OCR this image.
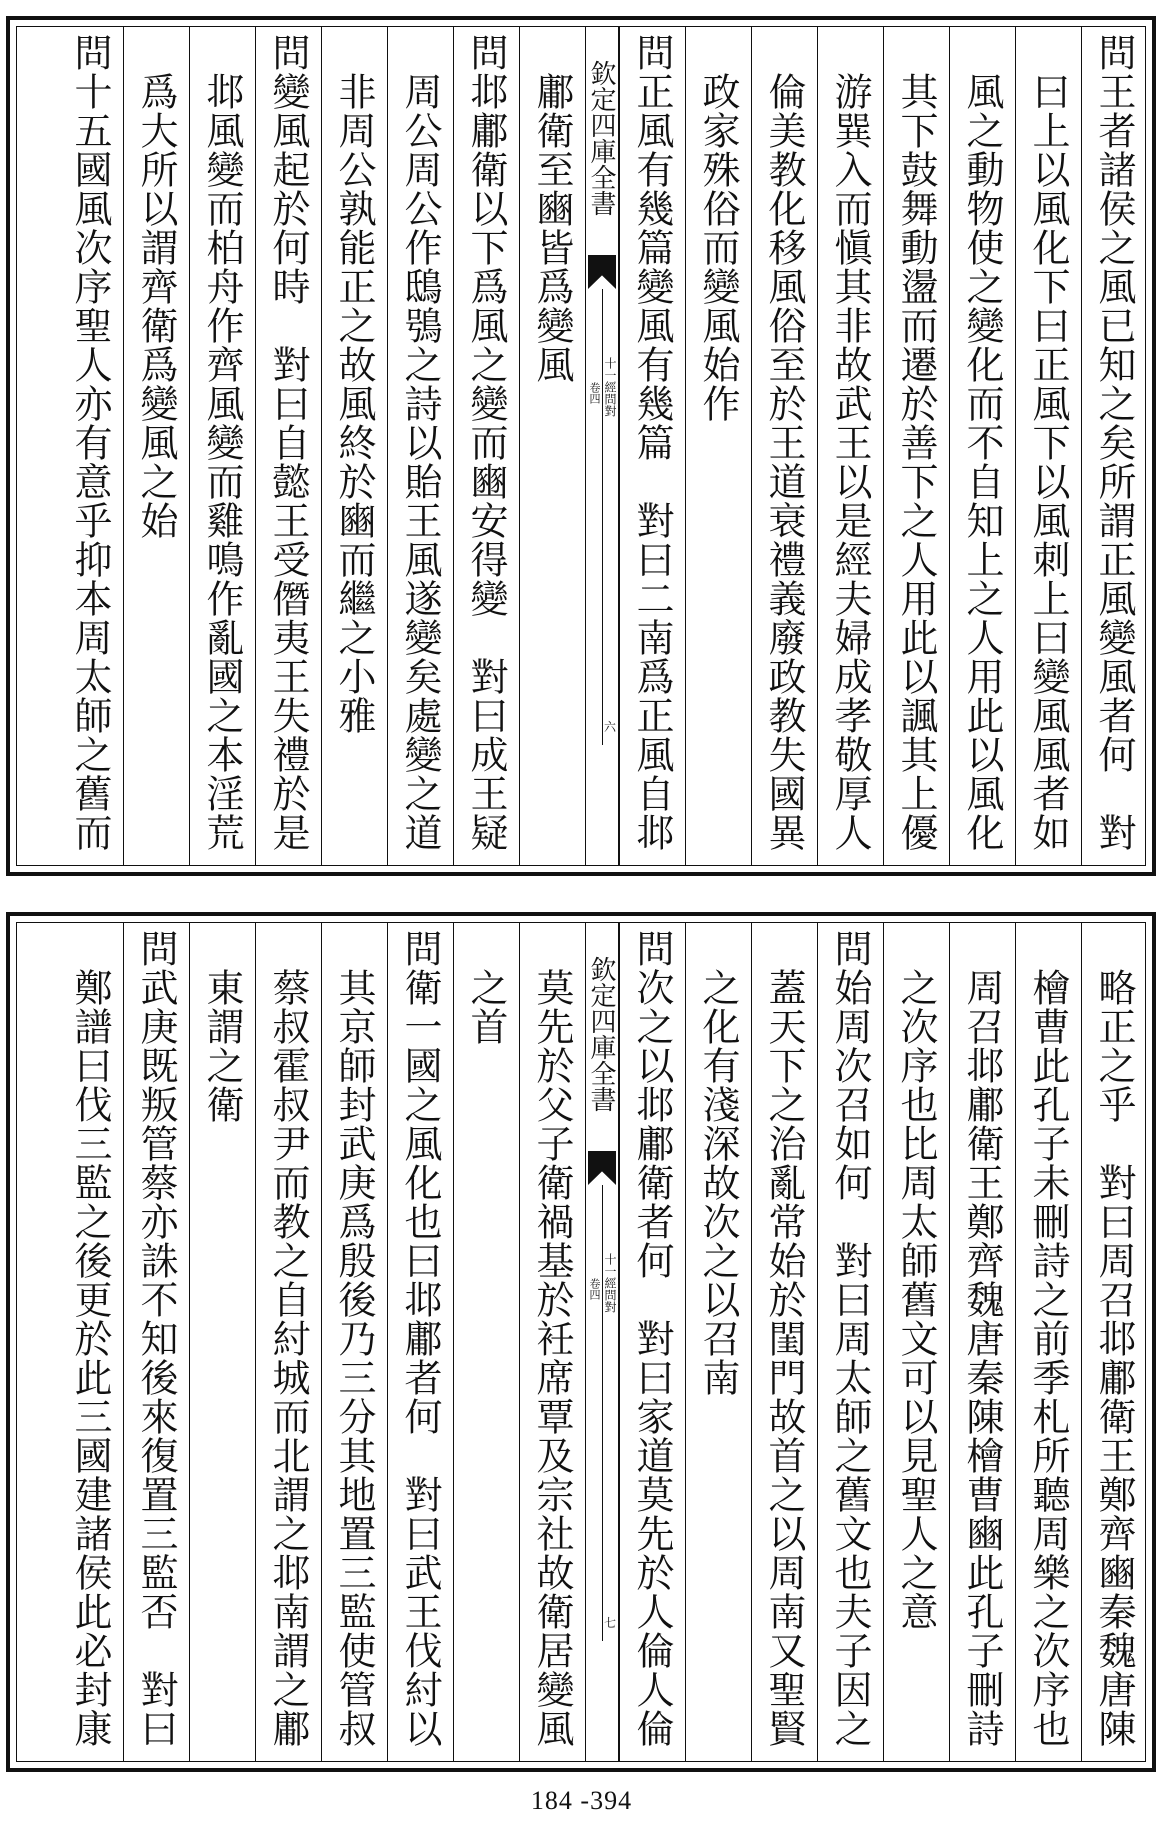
問王者諸侯之風已知之矣所謂正風變風者何　對
　曰上以風化下曰正風下以風刺上曰變風風者如
　風之動物使之變化而不自知上之人用此以風化
　其下鼓舞動盪而遷於善下之人用此以諷其上優
　游巽入而愼其非故武王以是經夫婦成孝敬厚人
　倫美教化移風俗至於王道衰禮義廢政教失國異
　政家殊俗而變風始作
問正風有幾篇變風有幾篇　對曰二南爲正風自邶
欽定四庫全書
卷四 十一經問對
六
　鄘衛至豳皆爲變風
問邶鄘衛以下爲風之變而豳安得變　對曰成王疑
　周公周公作鴟鴞之詩以貽王風遂變矣處變之道
　非周公孰能正之故風終於豳而繼之小雅
問變風起於何時　對曰自懿王受僭夷王失禮於是
　邶風變而柏舟作齊風變而雞鳴作亂國之本淫荒
　爲大所以謂齊衛爲變風之始
問十五國風次序聖人亦有意乎抑本周太師之舊而
　略正之乎　對曰周召邶鄘衛王鄭齊豳秦魏唐陳
　檜曹此孔子未刪詩之前季札所聽周樂之次序也
　周召邶鄘衛王鄭齊魏唐秦陳檜曹豳此孔子刪詩
　之次序也比周太師舊文可以見聖人之意
問始周次召如何　對曰周太師之舊文也夫子因之
　蓋天下之治亂常始於閨門故首之以周南又聖賢
　之化有淺深故次之以召南
問次之以邶鄘衛者何　對曰家道莫先於人倫人倫
欽定四庫全書
卷四 十一經問對
七
　莫先於父子衛禍基於衽席覃及宗社故衛居變風
　之首
問衛一國之風化也曰邶鄘者何　對曰武王伐紂以
　其京師封武庚爲殷後乃三分其地置三監使管叔
　蔡叔霍叔尹而教之自紂城而北謂之邶南謂之鄘
　東謂之衛
問武庚既叛管蔡亦誅不知後來復置三監否　對曰
　鄭譜曰伐三監之後更於此三國建諸侯此必封康
184 -394
